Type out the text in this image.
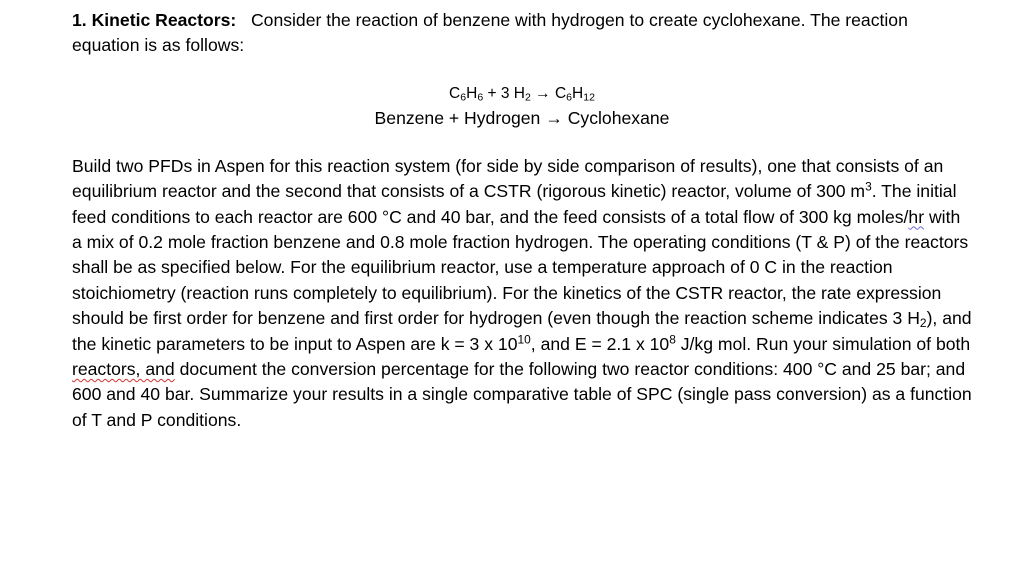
1. Kinetic Reactors: Consider the reaction of benzene with hydrogen to create cyclohexane. The reaction equation is as follows:

$C_6H_6 + 3$ $H_2 \to C_6H_{12}$
Benzene + Hydrogen → Cyclohexane

Build two PFDs in Aspen for this reaction system (for side by side comparison of results), one that consists of an equilibrium reactor and the second that consists of a CSTR (rigorous kinetic) reactor, volume of 300 $m^3$. The initial feed conditions to each reactor are 600 °C and 40 bar, and the feed consists of a total flow of 300 kg moles/hr with a mix of 0.2 mole fraction benzene and 0.8 mole fraction hydrogen. The operating conditions (T & P) of the reactors shall be as specified below. For the equilibrium reactor, use a temperature approach of 0 C in the reaction stoichiometry (reaction runs completely to equilibrium). For the kinetics of the CSTR reactor, the rate expression should be first order for benzene and first order for hydrogen (even though the reaction scheme indicates 3 $H_2$), and the kinetic parameters to be input to Aspen are k = 3 x $10^{10}$, and E = 2.1 x $10^8$ J/kg mol. Run your simulation of both reactors, and document the conversion percentage for the following two reactor conditions: 400 °C and 25 bar; and 600 and 40 bar. Summarize your results in a single comparative table of SPC (single pass conversion) as a function of T and P conditions.
